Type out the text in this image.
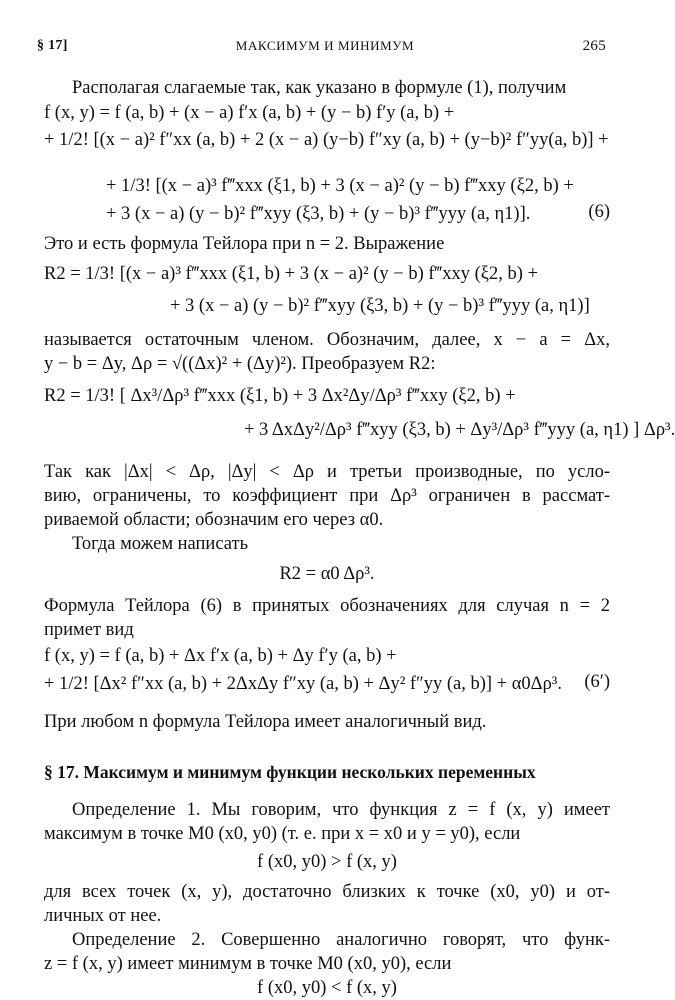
§ 17]	МАКСИМУМ И МИНИМУМ	265
Располагая слагаемые так, как указано в формуле (1), получим
f (x, y) = f (a, b) + (x − a) f′x (a, b) + (y − b) f′y (a, b) +
+ 1/2! [(x − a)² f″xx (a, b) + 2 (x − a) (y−b) f″xy (a, b) + (y−b)² f″yy(a, b)] +
+ 1/3! [(x − a)³ f‴xxx (ξ1, b) + 3 (x − a)² (y − b) f‴xxy (ξ2, b) +
+ 3 (x − a) (y − b)² f‴xyy (ξ3, b) + (y − b)³ f‴yyy (a, η1)].	(6)
Это и есть формула Тейлора при n = 2. Выражение
R2 = 1/3! [(x − a)³ f‴xxx (ξ1, b) + 3 (x − a)² (y − b) f‴xxy (ξ2, b) +
+ 3 (x − a) (y − b)² f‴xyy (ξ3, b) + (y − b)³ f‴yyy (a, η1)]
называется остаточным членом. Обозначим, далее, x − a = Δx,
y − b = Δy, Δρ = √((Δx)² + (Δy)²). Преобразуем R2:
R2 = 1/3! [ Δx³/Δρ³ f‴xxx (ξ1, b) + 3 Δx²Δy/Δρ³ f‴xxy (ξ2, b) +
+ 3 ΔxΔy²/Δρ³ f‴xyy (ξ3, b) + Δy³/Δρ³ f‴yyy (a, η1) ] Δρ³.
Так как |Δx| < Δρ, |Δy| < Δρ и третьи производные, по усло-
вию, ограничены, то коэффициент при Δρ³ ограничен в рассмат-
риваемой области; обозначим его через α0.
Тогда можем написать
R2 = α0 Δρ³.
Формула Тейлора (6) в принятых обозначениях для случая n = 2
примет вид
f (x, y) = f (a, b) + Δx f′x (a, b) + Δy f′y (a, b) +
+ 1/2! [Δx² f″xx (a, b) + 2ΔxΔy f″xy (a, b) + Δy² f″yy (a, b)] + α0Δρ³.	(6′)
При любом n формула Тейлора имеет аналогичный вид.
§ 17. Максимум и минимум функции нескольких переменных
Определение 1. Мы говорим, что функция z = f (x, y) имеет
максимум в точке M0 (x0, y0) (т. е. при x = x0 и y = y0), если
f (x0, y0) > f (x, y)
для всех точек (x, y), достаточно близких к точке (x0, y0) и от-
личных от нее.
Определение 2. Совершенно аналогично говорят, что функ-
z = f (x, y) имеет минимум в точке M0 (x0, y0), если
f (x0, y0) < f (x, y)
